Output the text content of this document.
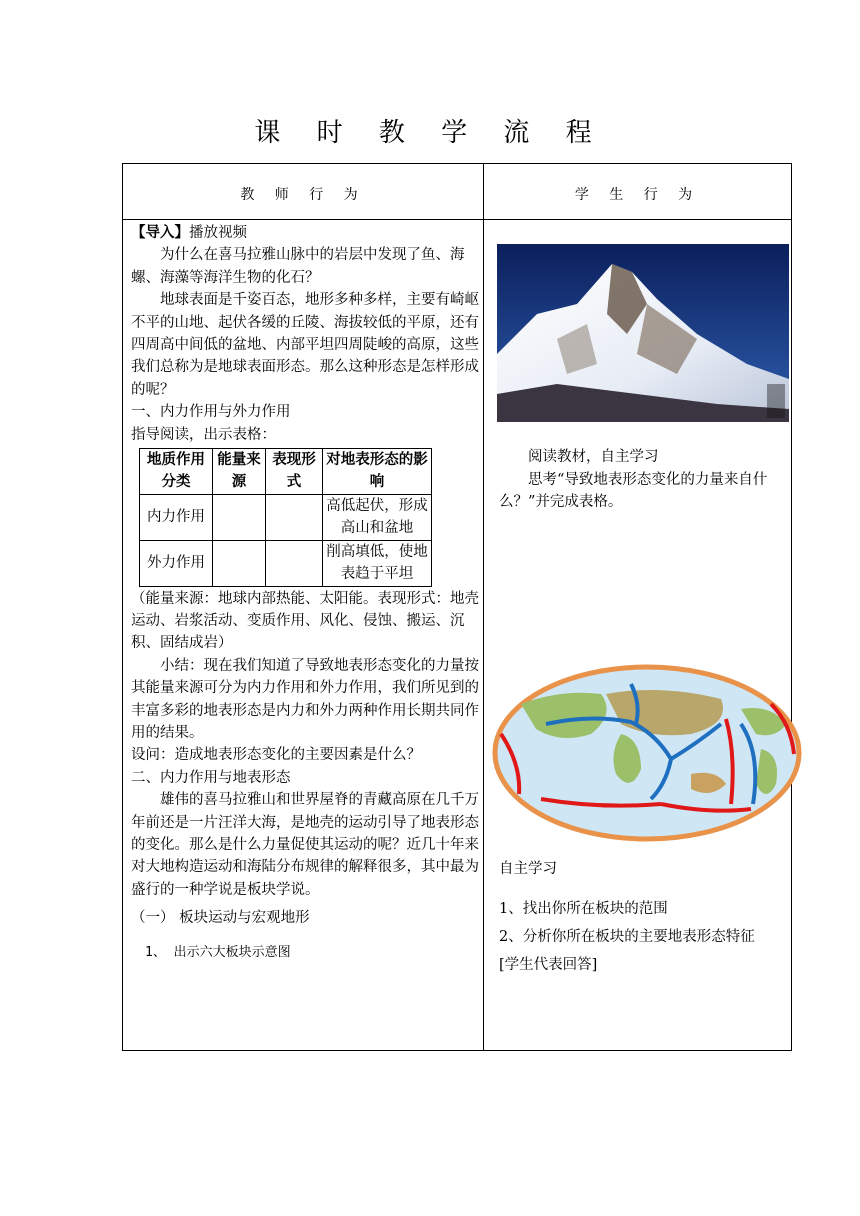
课 时 教 学 流 程
教 师 行 为	学 生 行 为

【导入】播放视频

为什么在喜马拉雅山脉中的岩层中发现了鱼、海螺、海藻等海洋生物的化石？

地球表面是千姿百态，地形多种多样，主要有崎岖不平的山地、起伏各缓的丘陵、海拔较低的平原，还有四周高中间低的盆地、内部平坦四周陡峻的高原，这些我们总称为是地球表面形态。那么这种形态是怎样形成的呢？

一、内力作用与外力作用

指导阅读，出示表格：

地质作用分类	能量来源	表现形式	对地表形态的影响
内力作用			高低起伏，形成高山和盆地
外力作用			削高填低，使地表趋于平坦

（能量来源：地球内部热能、太阳能。表现形式：地壳运动、岩浆活动、变质作用、风化、侵蚀、搬运、沉积、固结成岩）

小结：现在我们知道了导致地表形态变化的力量按其能量来源可分为内力作用和外力作用，我们所见到的丰富多彩的地表形态是内力和外力两种作用长期共同作用的结果。

设问：造成地表形态变化的主要因素是什么？

二、内力作用与地表形态

雄伟的喜马拉雅山和世界屋脊的青藏高原在几千万年前还是一片汪洋大海，是地壳的运动引导了地表形态的变化。那么是什么力量促使其运动的呢？近几十年来对大地构造运动和海陆分布规律的解释很多，其中最为盛行的一种学说是板块学说。

（一） 板块运动与宏观地形

1、 出示六大板块示意图

阅读教材，自主学习

思考“导致地表形态变化的力量来自什么？”并完成表格。

自主学习

1、找出你所在板块的范围

2、分析你所在板块的主要地表形态特征

[学生代表回答]
